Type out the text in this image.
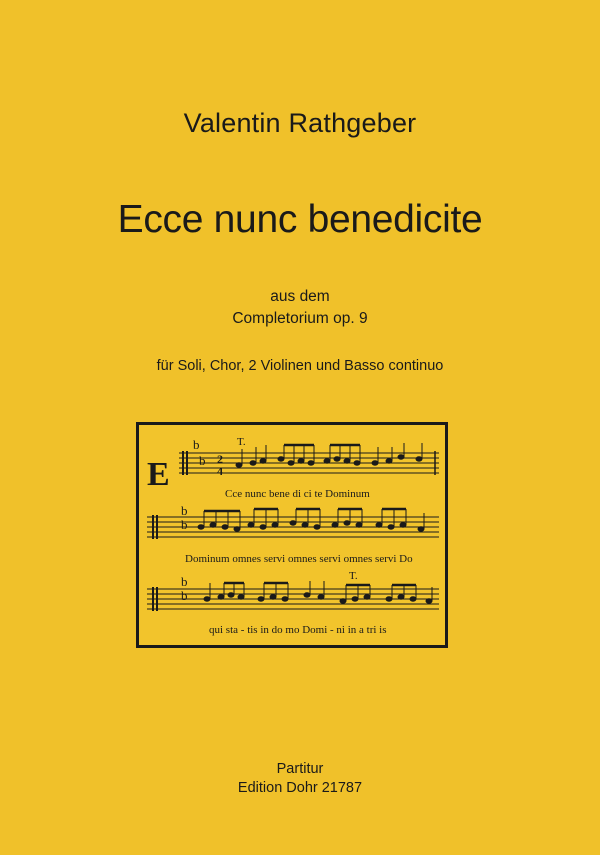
Valentin Rathgeber
Ecce nunc benedicite
aus dem
Completorium op. 9
für Soli, Chor, 2 Violinen und Basso continuo
b
b
b
b
b
b
E	2
4
T.
T.
Cce nunc bene di ci te Dominum
Dominum omnes servi omnes servi omnes servi Do
qui sta - tis in do mo Domi - ni in a tri is
Partitur
Edition Dohr 21787
